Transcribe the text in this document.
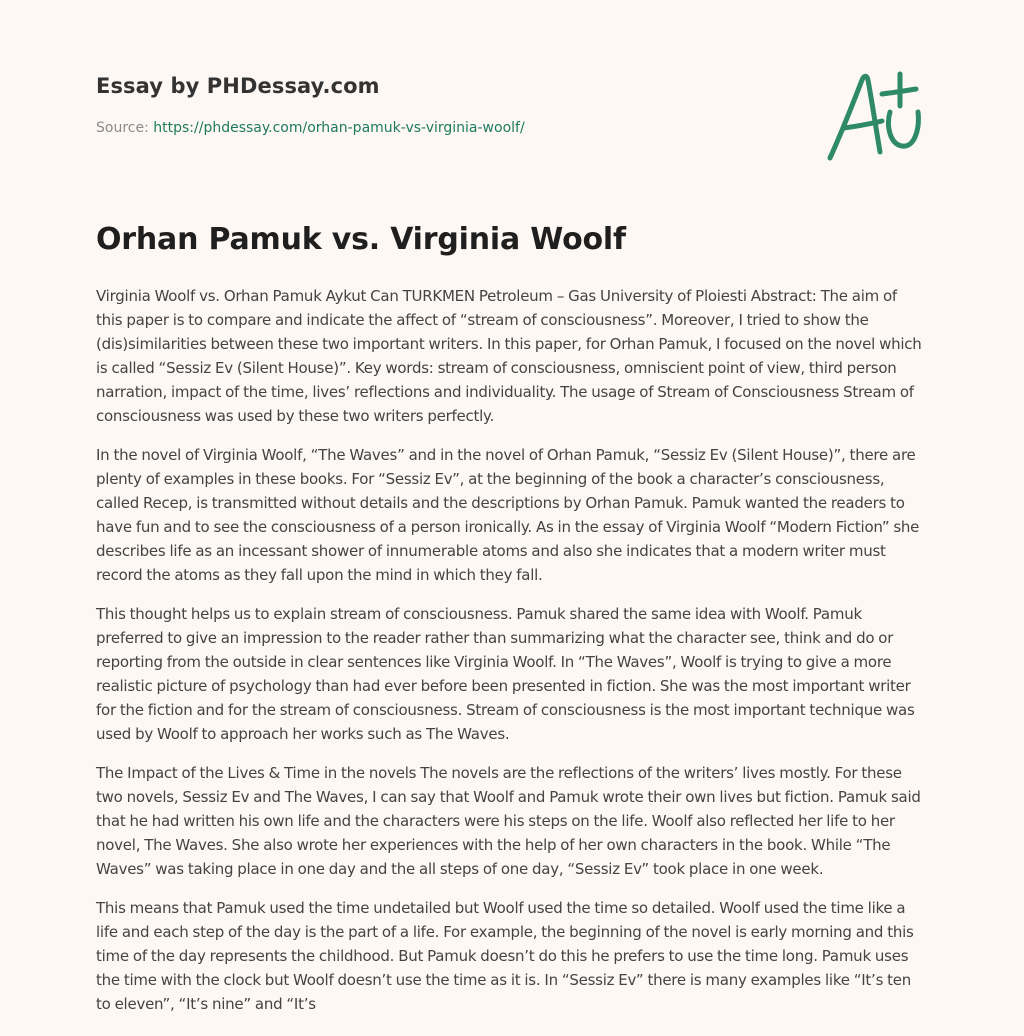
Essay by PHDessay.com
Source: https://phdessay.com/orhan-pamuk-vs-virginia-woolf/
Orhan Pamuk vs. Virginia Woolf

Virginia Woolf vs. Orhan Pamuk Aykut Can TURKMEN Petroleum – Gas University of Ploiesti Abstract: The aim of this paper is to compare and indicate the affect of “stream of consciousness”. Moreover, I tried to show the (dis)similarities between these two important writers. In this paper, for Orhan Pamuk, I focused on the novel which is called “Sessiz Ev (Silent House)”. Key words: stream of consciousness, omniscient point of view, third person narration, impact of the time, lives’ reflections and individuality. The usage of Stream of Consciousness Stream of consciousness was used by these two writers perfectly.

In the novel of Virginia Woolf, “The Waves” and in the novel of Orhan Pamuk, “Sessiz Ev (Silent House)”, there are plenty of examples in these books. For “Sessiz Ev”, at the beginning of the book a character’s consciousness, called Recep, is transmitted without details and the descriptions by Orhan Pamuk. Pamuk wanted the readers to have fun and to see the consciousness of a person ironically. As in the essay of Virginia Woolf “Modern Fiction” she describes life as an incessant shower of innumerable atoms and also she indicates that a modern writer must record the atoms as they fall upon the mind in which they fall.

This thought helps us to explain stream of consciousness. Pamuk shared the same idea with Woolf. Pamuk preferred to give an impression to the reader rather than summarizing what the character see, think and do or reporting from the outside in clear sentences like Virginia Woolf. In “The Waves”, Woolf is trying to give a more realistic picture of psychology than had ever before been presented in fiction. She was the most important writer for the fiction and for the stream of consciousness. Stream of consciousness is the most important technique was used by Woolf to approach her works such as The Waves.

The Impact of the Lives & Time in the novels The novels are the reflections of the writers’ lives mostly. For these two novels, Sessiz Ev and The Waves, I can say that Woolf and Pamuk wrote their own lives but fiction. Pamuk said that he had written his own life and the characters were his steps on the life. Woolf also reflected her life to her novel, The Waves. She also wrote her experiences with the help of her own characters in the book. While “The Waves” was taking place in one day and the all steps of one day, “Sessiz Ev” took place in one week.

This means that Pamuk used the time undetailed but Woolf used the time so detailed. Woolf used the time like a life and each step of the day is the part of a life. For example, the beginning of the novel is early morning and this time of the day represents the childhood. But Pamuk doesn’t do this he prefers to use the time long. Pamuk uses the time with the clock but Woolf doesn’t use the time as it is. In “Sessiz Ev” there is many examples like “It’s ten to eleven”, “It’s nine” and “It’s
